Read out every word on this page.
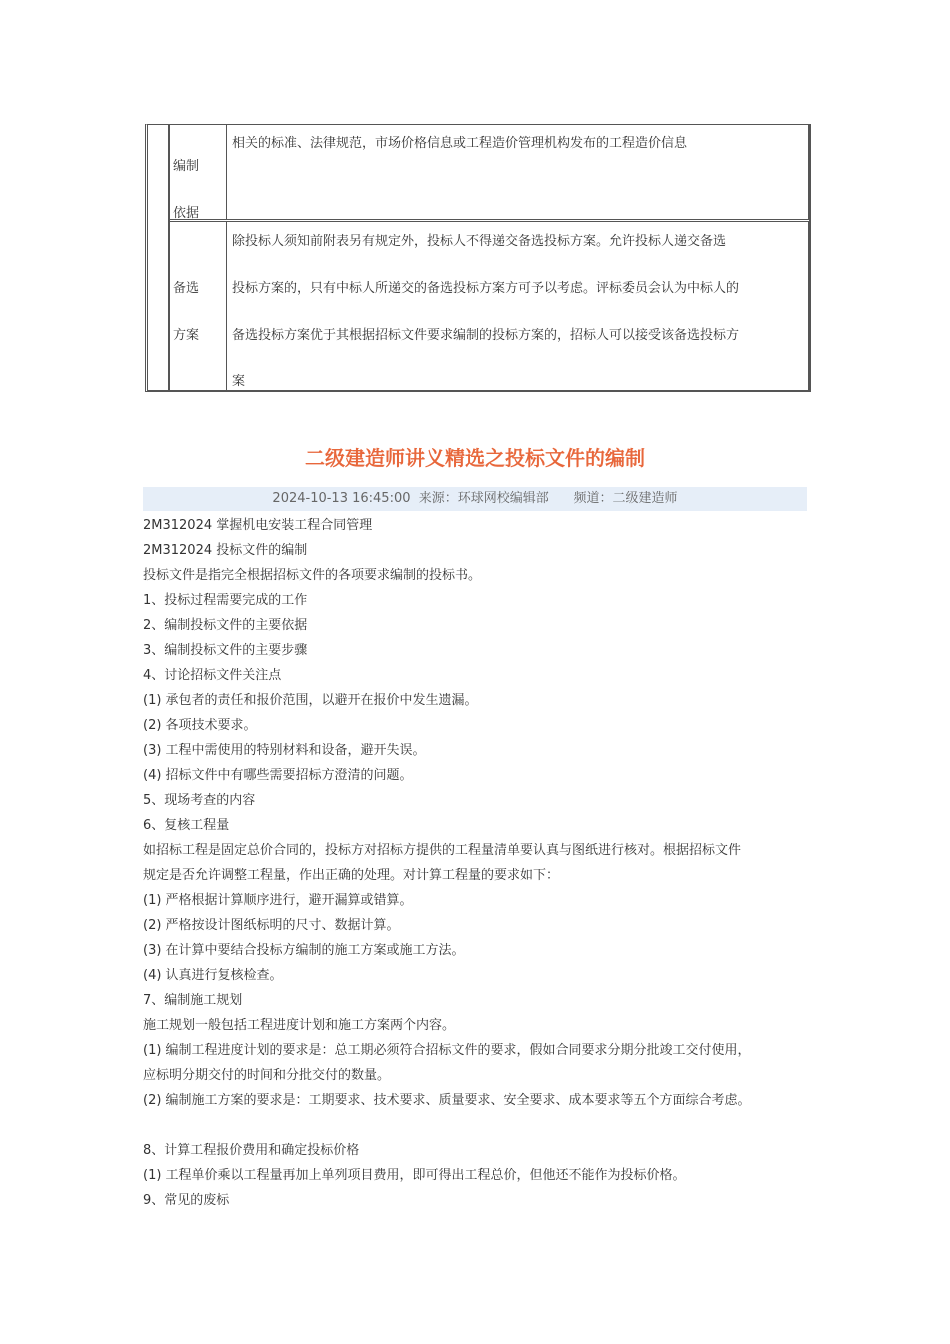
编制
依据
相关的标准、法律规范，市场价格信息或工程造价管理机构发布的工程造价信息
备选
方案
除投标人须知前附表另有规定外，投标人不得递交备选投标方案。允许投标人递交备选
投标方案的，只有中标人所递交的备选投标方案方可予以考虑。评标委员会认为中标人的
备选投标方案优于其根据招标文件要求编制的投标方案的，招标人可以接受该备选投标方
案
二级建造师讲义精选之投标文件的编制
2024-10-13 16:45:00  来源：环球网校编辑部      频道：二级建造师

2M312024 掌握机电安装工程合同管理

2M312024 投标文件的编制

投标文件是指完全根据招标文件的各项要求编制的投标书。

1、投标过程需要完成的工作

2、编制投标文件的主要依据

3、编制投标文件的主要步骤

4、讨论招标文件关注点

(1) 承包者的责任和报价范围，以避开在报价中发生遗漏。

(2) 各项技术要求。

(3) 工程中需使用的特别材料和设备，避开失误。

(4) 招标文件中有哪些需要招标方澄清的问题。

5、现场考查的内容

6、复核工程量

如招标工程是固定总价合同的，投标方对招标方提供的工程量清单要认真与图纸进行核对。根据招标文件

规定是否允许调整工程量，作出正确的处理。对计算工程量的要求如下：

(1) 严格根据计算顺序进行，避开漏算或错算。

(2) 严格按设计图纸标明的尺寸、数据计算。

(3) 在计算中要结合投标方编制的施工方案或施工方法。

(4) 认真进行复核检查。

7、编制施工规划

施工规划一般包括工程进度计划和施工方案两个内容。

(1) 编制工程进度计划的要求是：总工期必须符合招标文件的要求，假如合同要求分期分批竣工交付使用，

应标明分期交付的时间和分批交付的数量。

(2) 编制施工方案的要求是：工期要求、技术要求、质量要求、安全要求、成本要求等五个方面综合考虑。

8、计算工程报价费用和确定投标价格

(1) 工程单价乘以工程量再加上单列项目费用，即可得出工程总价，但他还不能作为投标价格。

9、常见的废标
